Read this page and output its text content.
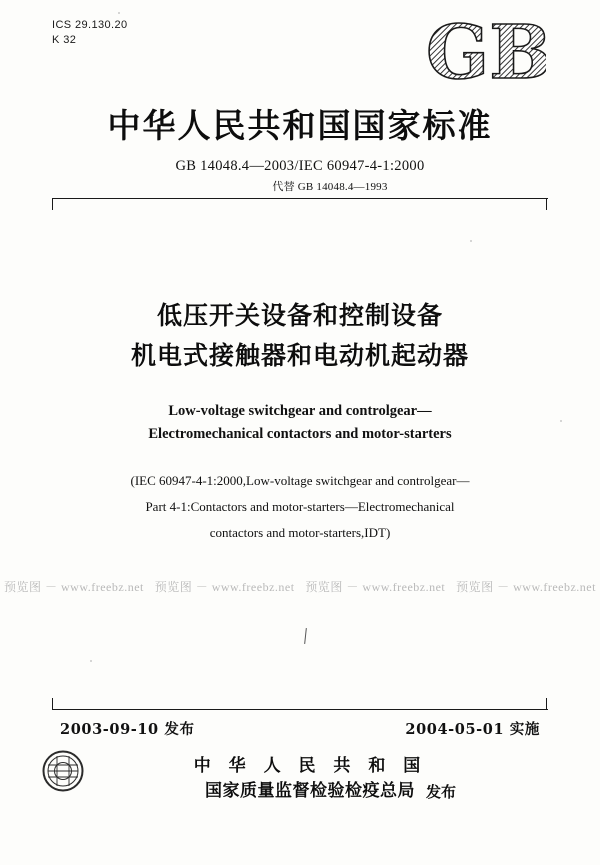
ICS 29.130.20
K 32	GB
中华人民共和国国家标准
GB 14048.4—2003/IEC 60947-4-1:2000
代替 GB 14048.4—1993
低压开关设备和控制设备
机电式接触器和电动机起动器
Low-voltage switchgear and controlgear—
Electromechanical contactors and motor-starters
(IEC 60947-4-1:2000,Low-voltage switchgear and controlgear—
Part 4-1:Contactors and motor-starters—Electromechanical
contactors and motor-starters,IDT)
预览图 － www.freebz.net 预览图 － www.freebz.net 预览图 － www.freebz.net 预览图 － www.freebz.net
2003-09-10 发布	2004-05-01 实施
中 华 人 民 共 和 国
国家质量监督检验检疫总局 发布
